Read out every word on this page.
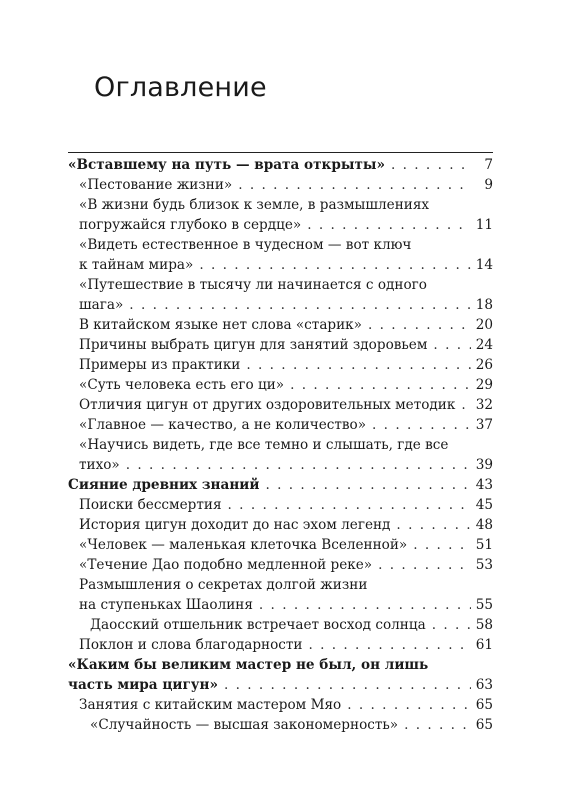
Оглавление
«Вставшему на путь — врата открыты» . . .	7
«Пестование жизни» . . .	9
«В жизни будь близок к земле, в размышлениях
погружайся глубоко в сердце» . . .	11
«Видеть естественное в чудесном — вот ключ
к тайнам мира» . . .	14
«Путешествие в тысячу ли начинается с одного
шага» . . .	18
В китайском языке нет слова «старик» . . .	20
Причины выбрать цигун для занятий здоровьем . . .	24
Примеры из практики . . .	26
«Суть человека есть его ци» . . .	29
Отличия цигун от других оздоровительных методик . . . 32
«Главное — качество, а не количество» . . .	37
«Научись видеть, где все темно и слышать, где все
тихо» . . .	39
Сияние древних знаний . . .	43
Поиски бессмертия . . .	45
История цигун доходит до нас эхом легенд . . .	48
«Человек — маленькая клеточка Вселенной» . . .	51
«Течение Дао подобно медленной реке» . . .	53
Размышления о секретах долгой жизни
на ступеньках Шаолиня . . .	55
Даосский отшельник встречает восход солнца . . .	58
Поклон и слова благодарности . . .	61
«Каким бы великим мастер не был, он лишь
часть мира цигун» . . .	63
Занятия с китайским мастером Мяо . . .	65
«Случайность — высшая закономерность» . . .	65
